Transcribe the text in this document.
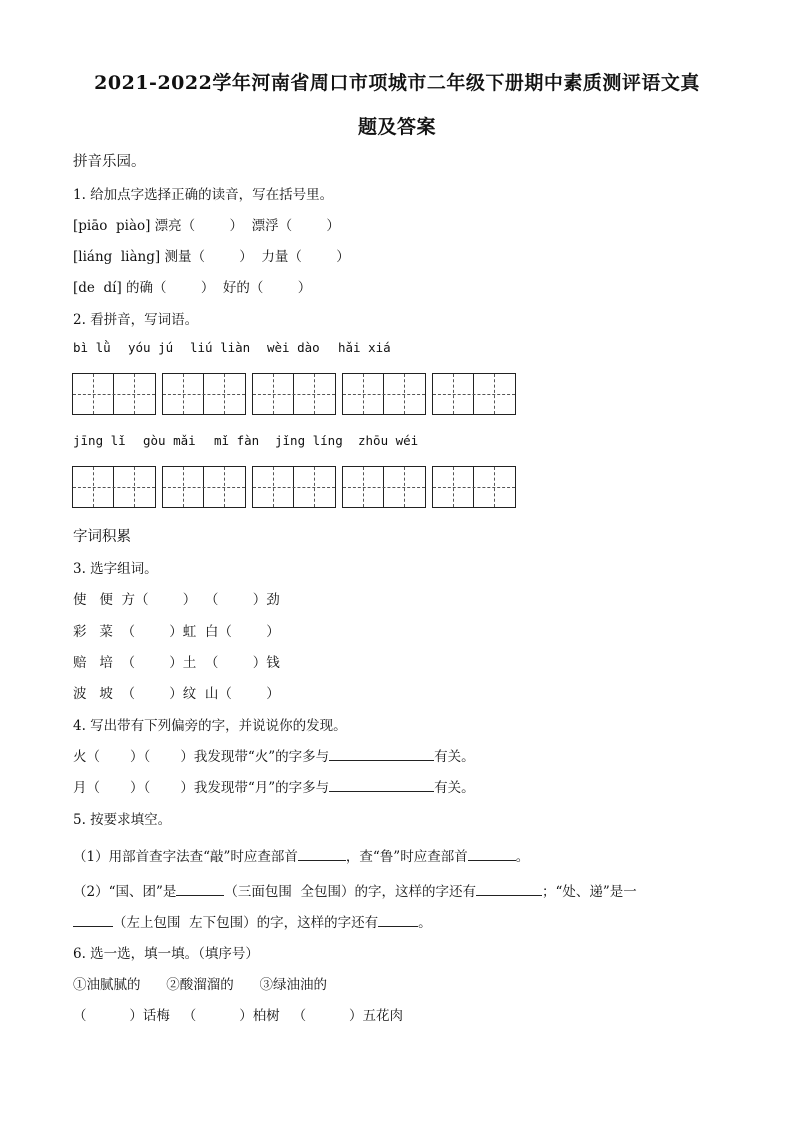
2021-2022学年河南省周口市项城市二年级下册期中素质测评语文真
题及答案
拼音乐园。
1. 给加点字选择正确的读音，写在括号里。
[piāo  piào] 漂亮（        ）  漂浮（        ）
[liáng  liàng] 测量（        ）  力量（        ）
[de  dí] 的确（        ）  好的（        ）
2. 看拼音，写词语。
bì lǜ yóu jú liú liàn wèi dào hǎi xiá
jīng lǐ gòu mǎi mǐ fàn jǐng líng zhōu wéi
字词积累
3. 选字组词。
使   便  方（        ）  （        ）劲
彩   菜  （        ）虹  白（        ）
赔   培  （        ）土  （        ）钱
波   坡  （        ）纹  山（        ）
4. 写出带有下列偏旁的字，并说说你的发现。
火（       ）（       ）我发现带“火”的字多与	有关。
月（       ）（       ）我发现带“月”的字多与	有关。
5. 按要求填空。
（1）用部首查字法查“敲”时应查部首	，查“鲁”时应查部首	。
（2）“国、团”是	（三面包围  全包围）的字，这样的字还有	；“处、递”是一
（左上包围  左下包围）的字，这样的字还有	。
6. 选一选，填一填。（填序号）
①油腻腻的      ②酸溜溜的      ③绿油油的
（          ）话梅   （          ）柏树   （          ）五花肉
